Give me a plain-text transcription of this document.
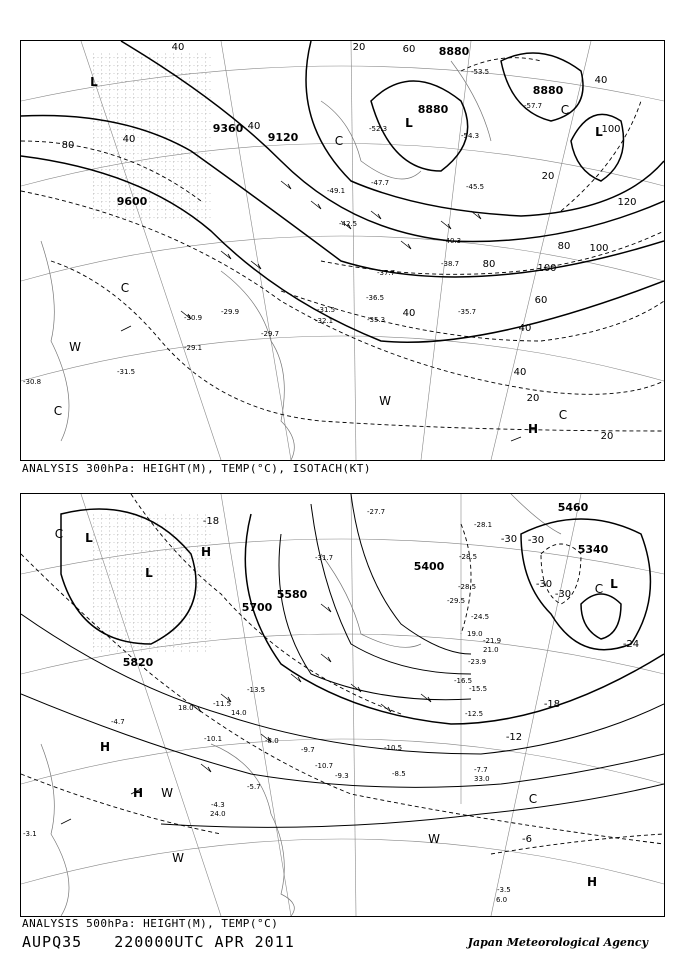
8880
8880
8880
9360
9120
9600
40
80
120
100
80
100
60
40
40
20
20
20
40
80
100
60
40
40
20
40
L
L
L
C
C
C
C
W
W
C
H
-53.5
-52.3
-54.3
-57.7
-49.1	-45.5
-47.7
-42.5
-40.3
-38.7
-37.7
-36.5
-35.7
-35.3
-32.1
-31.5
-29.9
-29.7
-29.1
-30.9
-31.5
-30.8
ANALYSIS 300hPa: HEIGHT(M), TEMP(°C), ISOTACH(KT)
5460
5340
5580
5700
5820
5400
-30
-30
-24
-18
-12
-6
-30
-30
-18
L
H
L
L
C
H
H W	C
W
W
C
H
-27.7
-28.5
-28.1
-31.7
-28.5
-29.5
-24.5
-21.9
-23.9
-15.5
-16.5
-12.5
-10.5
-8.5	-7.7
-10.7
-9.3
-5.7
-4.3
-3.5
-4.7
-3.1
-13.5
-11.5
-10.1
-9.7
-8.0
19.0
21.0
18.0
14.0
33.0
24.0
6.0
ANALYSIS 500hPa: HEIGHT(M), TEMP(°C)
AUPQ35 220000UTC APR 2011	Japan Meteorological Agency
